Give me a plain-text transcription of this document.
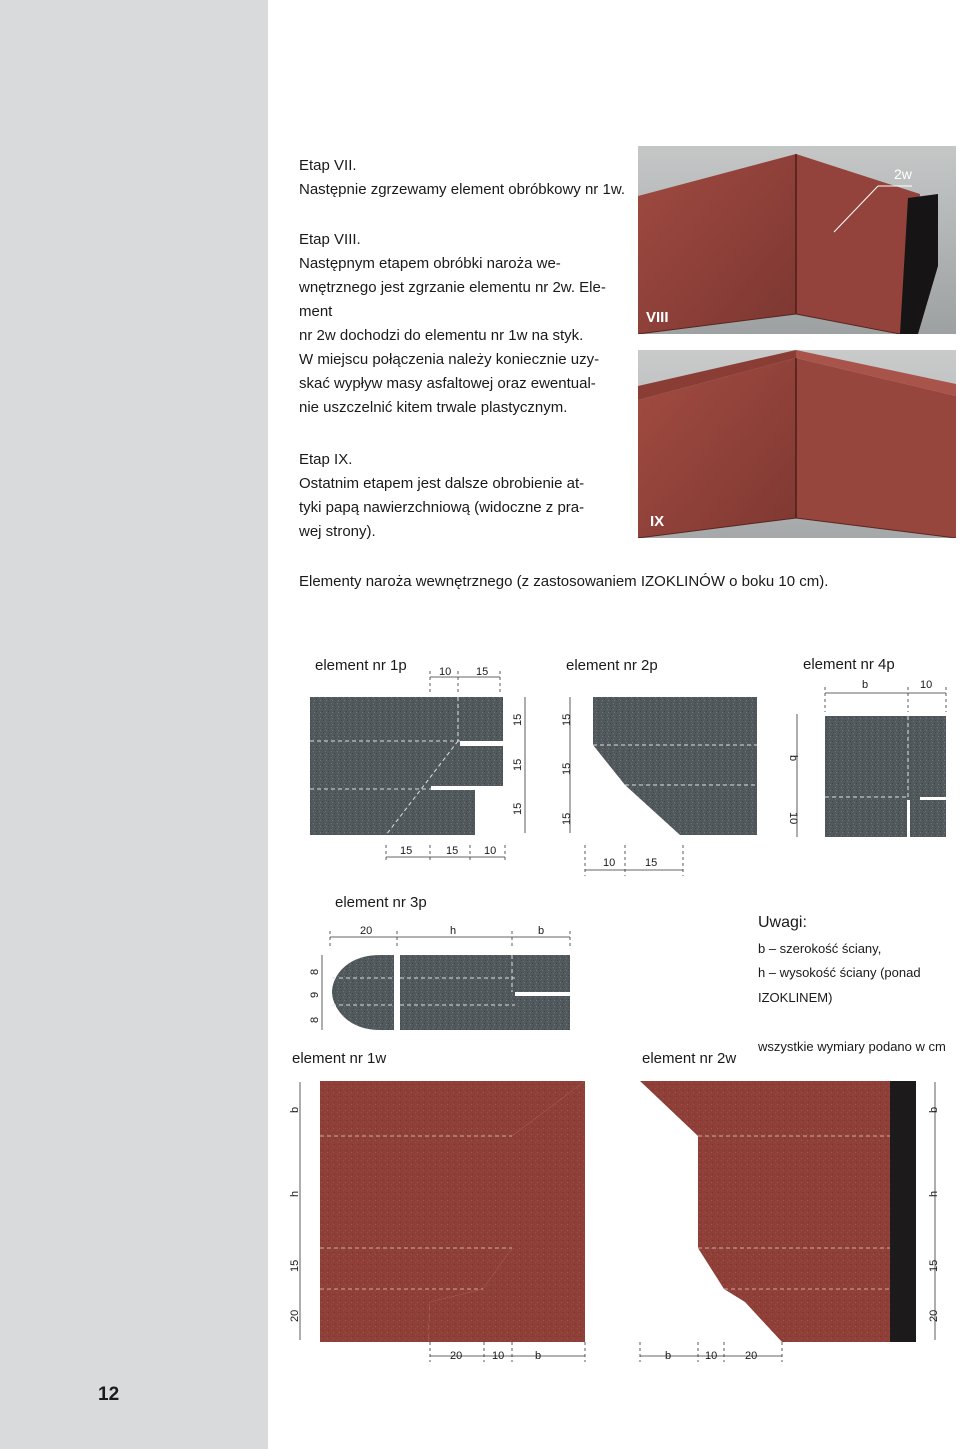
12
Etap VII.
Następnie zgrzewamy element obróbkowy nr 1w.
Etap VIII.
Następnym etapem obróbki naroża we-
wnętrznego jest zgrzanie elementu nr 2w. Ele-
ment
nr 2w dochodzi do elementu nr 1w na styk.
W miejscu połączenia należy koniecznie uzy-
skać wypływ masy asfaltowej oraz ewentual-
nie uszczelnić kitem trwale plastycznym.
Etap IX.
Ostatnim etapem jest dalsze obrobienie at-
tyki papą nawierzchniową (widoczne z pra-
wej strony).
VIII
2w
IX
Elementy naroża wewnętrznego (z zastosowaniem IZOKLINÓW o boku 10 cm).
element nr 1p	element nr 2p	element nr 4p
element nr 3p
element nr 1w	element nr 2w
Uwagi:
b – szerokość ściany,
h – wysokość ściany (ponad
IZOKLINEM)
wszystkie wymiary podano w cm
10 15
15
15
15
15	15 10
15
15
15
10	15
b	10
b
10
20	h	b
8
9
8
b
h
15
20
20	10	b
b
h
15
20
b	10	20
